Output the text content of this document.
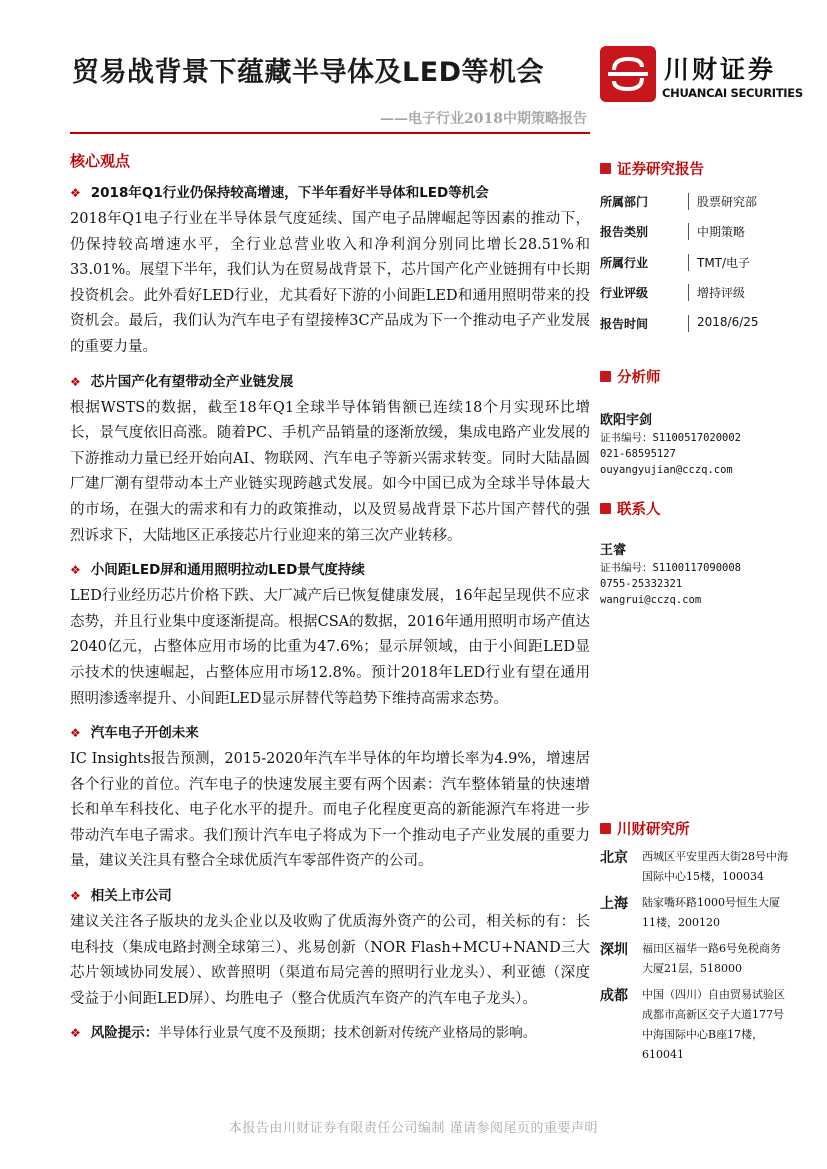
贸易战背景下蕴藏半导体及LED等机会
——电子行业2018中期策略报告
川财证券
CHUANCAI SECURITIES
核心观点
❖ 2018年Q1行业仍保持较高增速，下半年看好半导体和LED等机会
2018年Q1电子行业在半导体景气度延续、国产电子品牌崛起等因素的推动下，仍保持较高增速水平，全行业总营业收入和净利润分别同比增长28.51%和33.01%。展望下半年，我们认为在贸易战背景下，芯片国产化产业链拥有中长期投资机会。此外看好LED行业，尤其看好下游的小间距LED和通用照明带来的投资机会。最后，我们认为汽车电子有望接棒3C产品成为下一个推动电子产业发展的重要力量。
❖ 芯片国产化有望带动全产业链发展
根据WSTS的数据，截至18年Q1全球半导体销售额已连续18个月实现环比增长，景气度依旧高涨。随着PC、手机产品销量的逐渐放缓，集成电路产业发展的下游推动力量已经开始向AI、物联网、汽车电子等新兴需求转变。同时大陆晶圆厂建厂潮有望带动本土产业链实现跨越式发展。如今中国已成为全球半导体最大的市场，在强大的需求和有力的政策推动，以及贸易战背景下芯片国产替代的强烈诉求下，大陆地区正承接芯片行业迎来的第三次产业转移。
❖ 小间距LED屏和通用照明拉动LED景气度持续
LED行业经历芯片价格下跌、大厂减产后已恢复健康发展，16年起呈现供不应求态势，并且行业集中度逐渐提高。根据CSA的数据，2016年通用照明市场产值达2040亿元，占整体应用市场的比重为47.6%；显示屏领域，由于小间距LED显示技术的快速崛起，占整体应用市场12.8%。预计2018年LED行业有望在通用照明渗透率提升、小间距LED显示屏替代等趋势下维持高需求态势。
❖ 汽车电子开创未来
IC Insights报告预测，2015-2020年汽车半导体的年均增长率为4.9%，增速居各个行业的首位。汽车电子的快速发展主要有两个因素：汽车整体销量的快速增长和单车科技化、电子化水平的提升。而电子化程度更高的新能源汽车将进一步带动汽车电子需求。我们预计汽车电子将成为下一个推动电子产业发展的重要力量，建议关注具有整合全球优质汽车零部件资产的公司。
❖ 相关上市公司
建议关注各子版块的龙头企业以及收购了优质海外资产的公司，相关标的有：长电科技（集成电路封测全球第三）、兆易创新（NOR Flash+MCU+NAND三大芯片领域协同发展）、欧普照明（渠道布局完善的照明行业龙头）、利亚德（深度受益于小间距LED屏）、均胜电子（整合优质汽车资产的汽车电子龙头）。
❖ 风险提示：半导体行业景气度不及预期；技术创新对传统产业格局的影响。
证券研究报告
所属部门	股票研究部
报告类别	中期策略
所属行业	TMT/电子
行业评级	增持评级
报告时间	2018/6/25
分析师
欧阳宇剑
证书编号：S1100517020002
021-68595127
ouyangyujian@cczq.com
联系人
王睿
证书编号：S1100117090008
0755-25332321
wangrui@cczq.com
川财研究所
北京	西城区平安里西大街28号中海国际中心15楼，100034
上海	陆家嘴环路1000号恒生大厦11楼，200120
深圳	福田区福华一路6号免税商务大厦21层，518000
成都	中国（四川）自由贸易试验区成都市高新区交子大道177号中海国际中心B座17楼，610041
本报告由川财证券有限责任公司编制 谨请参阅尾页的重要声明
